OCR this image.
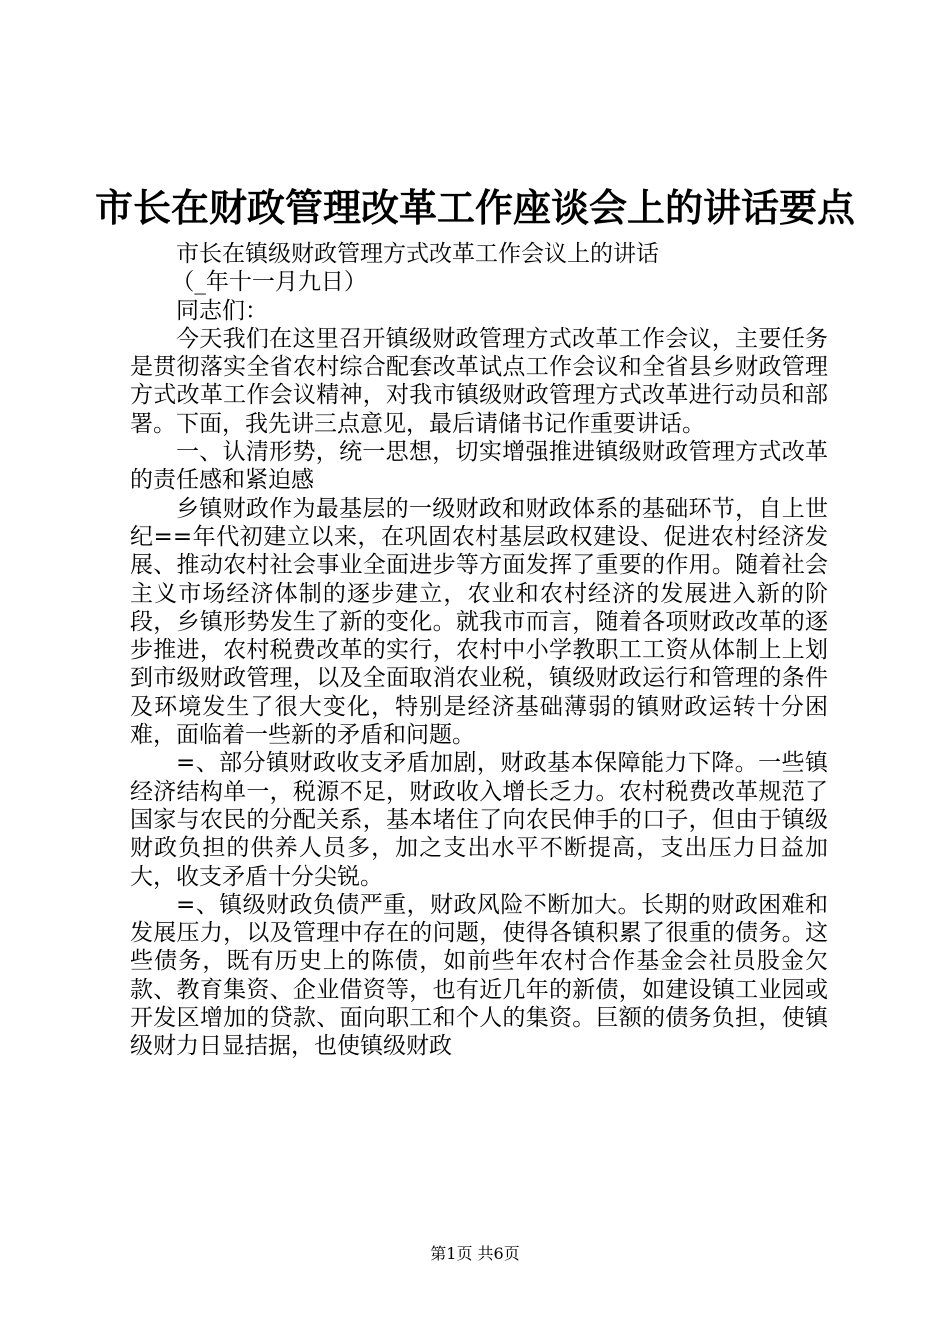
市长在财政管理改革工作座谈会上的讲话要点

市长在镇级财政管理方式改革工作会议上的讲话

（_年十一月九日）

同志们：

今天我们在这里召开镇级财政管理方式改革工作会议，主要任务是贯彻落实全省农村综合配套改革试点工作会议和全省县乡财政管理方式改革工作会议精神，对我市镇级财政管理方式改革进行动员和部署。下面，我先讲三点意见，最后请储书记作重要讲话。

一、认清形势，统一思想，切实增强推进镇级财政管理方式改革的责任感和紧迫感

乡镇财政作为最基层的一级财政和财政体系的基础环节，自上世纪==年代初建立以来，在巩固农村基层政权建设、促进农村经济发展、推动农村社会事业全面进步等方面发挥了重要的作用。随着社会主义市场经济体制的逐步建立，农业和农村经济的发展进入新的阶段，乡镇形势发生了新的变化。就我市而言，随着各项财政改革的逐步推进，农村税费改革的实行，农村中小学教职工工资从体制上上划到市级财政管理，以及全面取消农业税，镇级财政运行和管理的条件及环境发生了很大变化，特别是经济基础薄弱的镇财政运转十分困难，面临着一些新的矛盾和问题。

=、部分镇财政收支矛盾加剧，财政基本保障能力下降。一些镇经济结构单一，税源不足，财政收入增长乏力。农村税费改革规范了国家与农民的分配关系，基本堵住了向农民伸手的口子，但由于镇级财政负担的供养人员多，加之支出水平不断提高，支出压力日益加大，收支矛盾十分尖锐。

=、镇级财政负债严重，财政风险不断加大。长期的财政困难和发展压力，以及管理中存在的问题，使得各镇积累了很重的债务。这些债务，既有历史上的陈债，如前些年农村合作基金会社员股金欠款、教育集资、企业借资等，也有近几年的新债，如建设镇工业园或开发区增加的贷款、面向职工和个人的集资。巨额的债务负担，使镇级财力日显拮据，也使镇级财政

第1页 共6页
